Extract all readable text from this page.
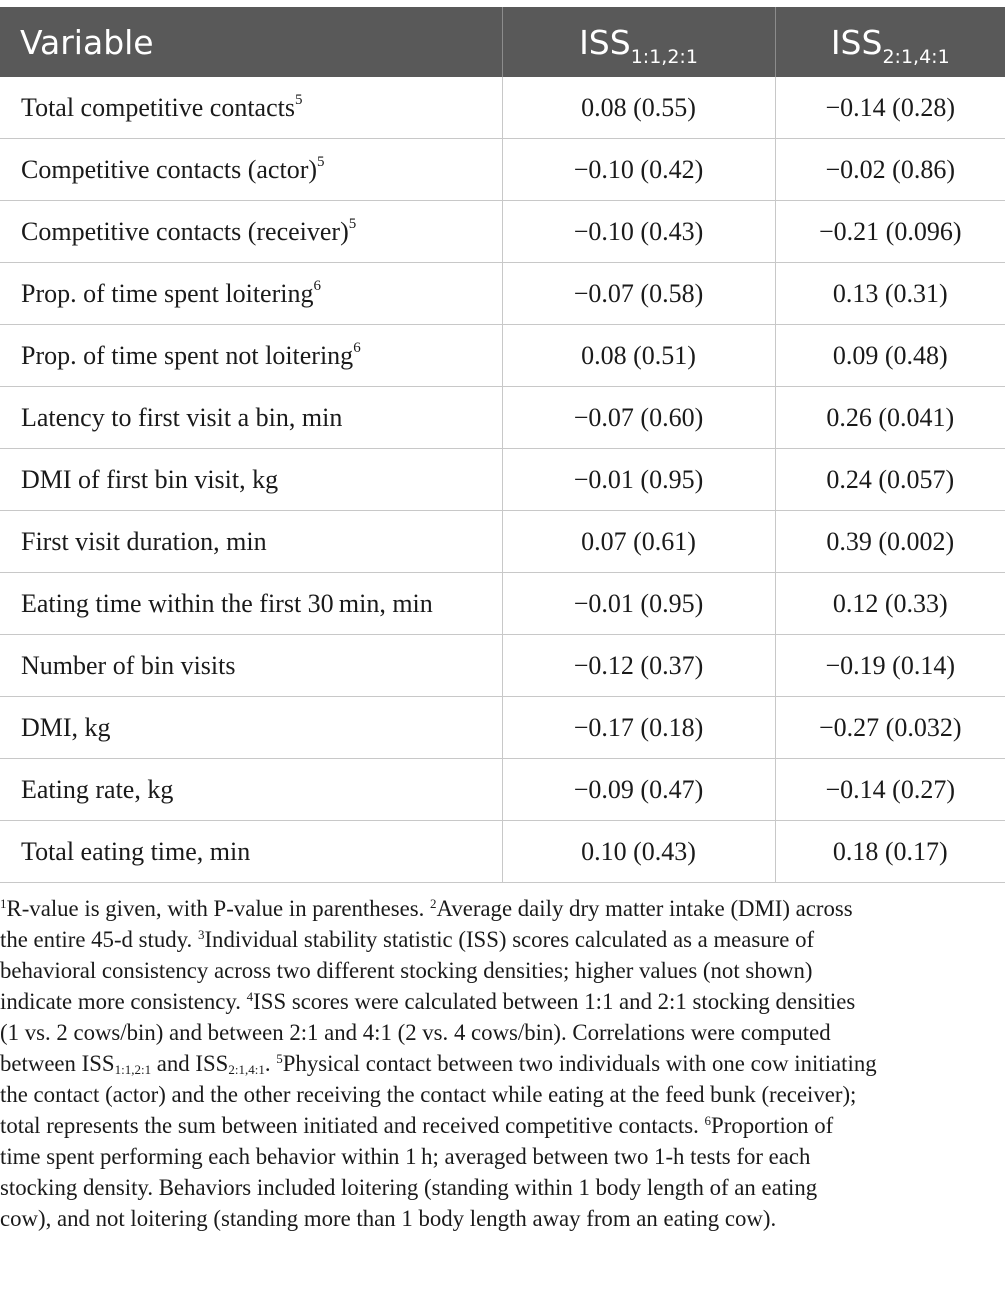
Variable	$ISS_{1:1,2:1}$	$ISS_{2:1,4:1}$
Total competitive contacts$^5$	0.08 (0.55)	−0.14 (0.28)
Competitive contacts (actor)$^5$	−0.10 (0.42)	−0.02 (0.86)
Competitive contacts (receiver)$^5$	−0.10 (0.43)	−0.21 (0.096)
Prop. of time spent loitering$^6$	−0.07 (0.58)	0.13 (0.31)
Prop. of time spent not loitering$^6$	0.08 (0.51)	0.09 (0.48)
Latency to first visit a bin, min	−0.07 (0.60)	0.26 (0.041)
DMI of first bin visit, kg	−0.01 (0.95)	0.24 (0.057)
First visit duration, min	0.07 (0.61)	0.39 (0.002)
Eating time within the first 30 min, min	−0.01 (0.95)	0.12 (0.33)
Number of bin visits	−0.12 (0.37)	−0.19 (0.14)
DMI, kg	−0.17 (0.18)	−0.27 (0.032)
Eating rate, kg	−0.09 (0.47)	−0.14 (0.27)
Total eating time, min	0.10 (0.43)	0.18 (0.17)
$^1$R-value is given, with P-value in parentheses. $^2$Average daily dry matter intake (DMI) across
the entire 45-d study. $^3$Individual stability statistic (ISS) scores calculated as a measure of
behavioral consistency across two different stocking densities; higher values (not shown)
indicate more consistency. $^4$ISS scores were calculated between 1:1 and 2:1 stocking densities
(1 vs. 2 cows/bin) and between 2:1 and 4:1 (2 vs. 4 cows/bin). Correlations were computed
between $ISS_{1:1,2:1}$ and $ISS_{2:1,4:1}$. $^5$Physical contact between two individuals with one cow initiating
the contact (actor) and the other receiving the contact while eating at the feed bunk (receiver);
total represents the sum between initiated and received competitive contacts. $^6$Proportion of
time spent performing each behavior within 1 h; averaged between two 1-h tests for each
stocking density. Behaviors included loitering (standing within 1 body length of an eating
cow), and not loitering (standing more than 1 body length away from an eating cow).
